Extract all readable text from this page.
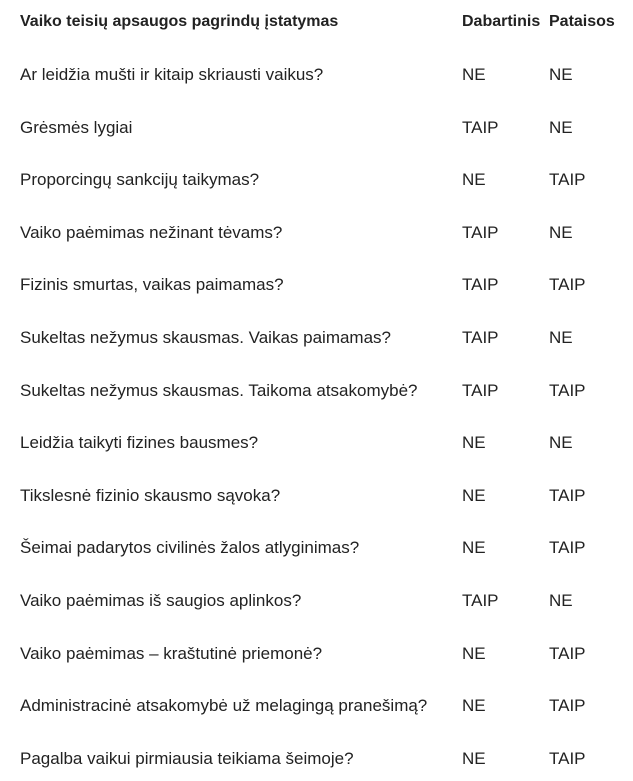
Vaiko teisių apsaugos pagrindų įstatymas	Dabartinis Pataisos
Ar leidžia mušti ir kitaip skriausti vaikus?	NE	NE
Grėsmės lygiai	TAIP	NE
Proporcingų sankcijų taikymas?	NE	TAIP
Vaiko paėmimas nežinant tėvams?	TAIP	NE
Fizinis smurtas, vaikas paimamas?	TAIP	TAIP
Sukeltas nežymus skausmas. Vaikas paimamas?	TAIP	NE
Sukeltas nežymus skausmas. Taikoma atsakomybė?	TAIP	TAIP
Leidžia taikyti fizines bausmes?	NE	NE
Tikslesnė fizinio skausmo sąvoka?	NE	TAIP
Šeimai padarytos civilinės žalos atlyginimas?	NE	TAIP
Vaiko paėmimas iš saugios aplinkos?	TAIP	NE
Vaiko paėmimas – kraštutinė priemonė?	NE	TAIP
Administracinė atsakomybė už melagingą pranešimą? NE	TAIP
Pagalba vaikui pirmiausia teikiama šeimoje?	NE	TAIP
